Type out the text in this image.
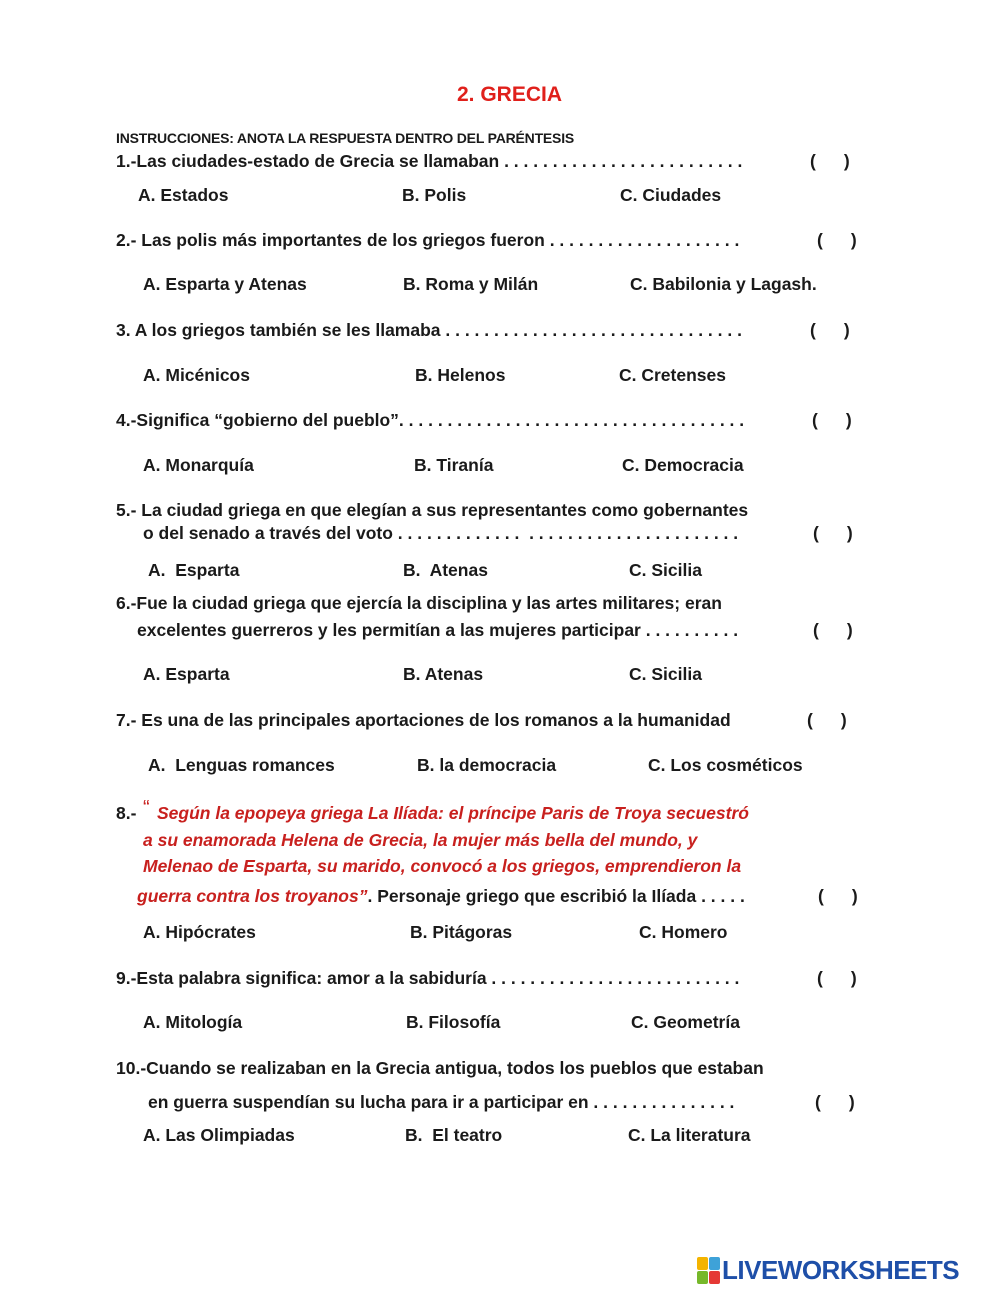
2. GRECIA
INSTRUCCIONES: ANOTA LA RESPUESTA DENTRO DEL PARÉNTESIS
1.-Las ciudades-estado de Grecia se llamaban . . . . . . . . . . . . . . . . . . . . . . . . .	( )
A. Estados	B. Polis	C. Ciudades
2.- Las polis más importantes de los griegos fueron . . . . . . . . . . . . . . . . . . . .	( )
A. Esparta y Atenas	B. Roma y Milán	C. Babilonia y Lagash.
3. A los griegos también se les llamaba . . . . . . . . . . . . . . . . . . . . . . . . . . . . . . .	( )
A. Micénicos	B. Helenos	C. Cretenses
4.-Significa “gobierno del pueblo”. . . . . . . . . . . . . . . . . . . . . . . . . . . . . . . . . . . .	( )
A. Monarquía	B. Tiranía	C. Democracia
5.- La ciudad griega en que elegían a sus representantes como gobernantes
o del senado a través del voto . . . . . . . . . . . . .  . . . . . . . . . . . . . . . . . . . . . .	( )
A.  Esparta	B.  Atenas	C. Sicilia
6.-Fue la ciudad griega que ejercía la disciplina y las artes militares; eran
excelentes guerreros y les permitían a las mujeres participar . . . . . . . . . .	( )
A. Esparta	B. Atenas	C. Sicilia
7.- Es una de las principales aportaciones de los romanos a la humanidad	( )
A.  Lenguas romances	B. la democracia	C. Los cosméticos
8.- “ Según la epopeya griega La Ilíada: el príncipe Paris de Troya secuestró
a su enamorada Helena de Grecia, la mujer más bella del mundo, y
Melenao de Esparta, su marido, convocó a los griegos, emprendieron la
guerra contra los troyanos”. Personaje griego que escribió la Ilíada . . . . .	( )
A. Hipócrates	B. Pitágoras	C. Homero
9.-Esta palabra significa: amor a la sabiduría . . . . . . . . . . . . . . . . . . . . . . . . . .	( )
A. Mitología	B. Filosofía	C. Geometría
10.-Cuando se realizaban en la Grecia antigua, todos los pueblos que estaban
en guerra suspendían su lucha para ir a participar en . . . . . . . . . . . . . . .	( )
A. Las Olimpiadas	B.  El teatro	C. La literatura
LIVEWORKSHEETS
